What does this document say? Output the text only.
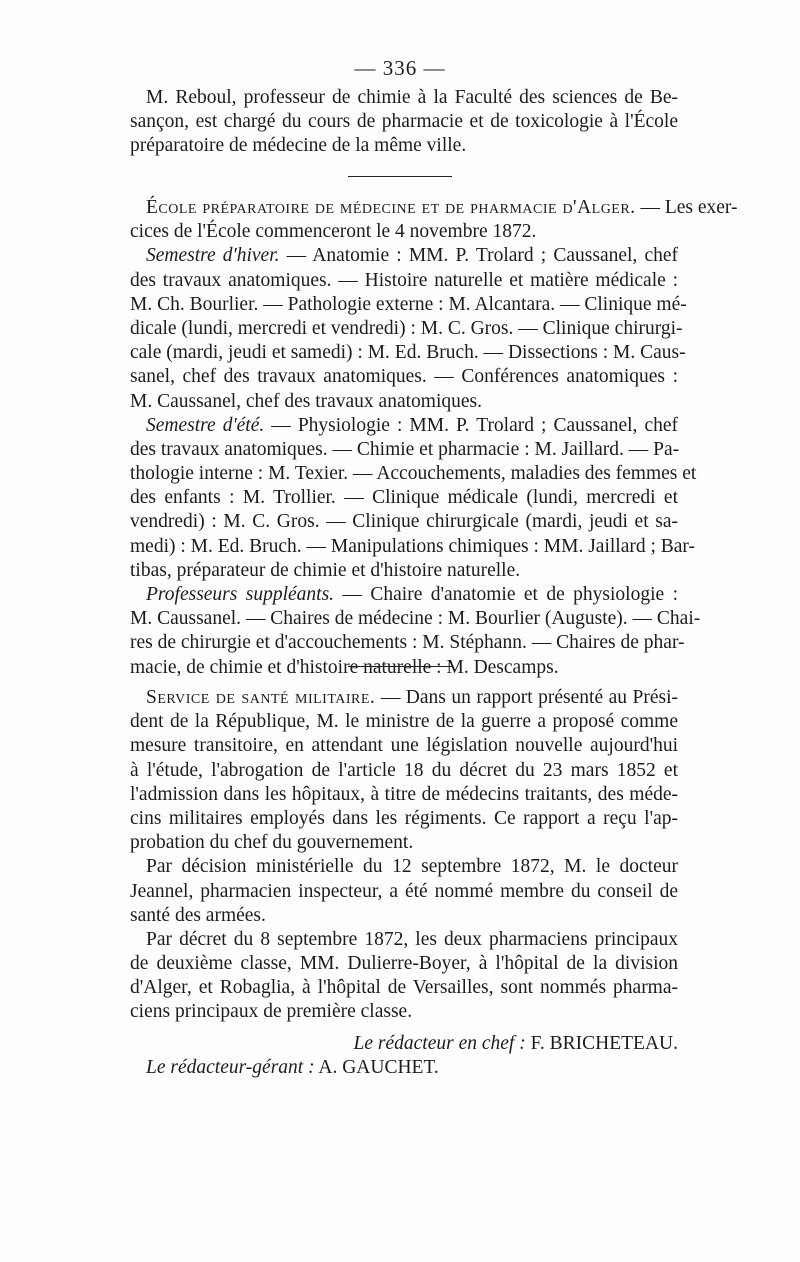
— 336 —
M. Reboul, professeur de chimie à la Faculté des sciences de Be-
sançon, est chargé du cours de pharmacie et de toxicologie à l'École
préparatoire de médecine de la même ville.
École préparatoire de médecine et de pharmacie d'Alger. — Les exer-
cices de l'École commenceront le 4 novembre 1872.
Semestre d'hiver. — Anatomie : MM. P. Trolard ; Caussanel, chef
des travaux anatomiques. — Histoire naturelle et matière médicale :
M. Ch. Bourlier. — Pathologie externe : M. Alcantara. — Clinique mé-
dicale (lundi, mercredi et vendredi) : M. C. Gros. — Clinique chirurgi-
cale (mardi, jeudi et samedi) : M. Ed. Bruch. — Dissections : M. Caus-
sanel, chef des travaux anatomiques. — Conférences anatomiques :
M. Caussanel, chef des travaux anatomiques.
Semestre d'été. — Physiologie : MM. P. Trolard ; Caussanel, chef
des travaux anatomiques. — Chimie et pharmacie : M. Jaillard. — Pa-
thologie interne : M. Texier. — Accouchements, maladies des femmes et
des enfants : M. Trollier. — Clinique médicale (lundi, mercredi et
vendredi) : M. C. Gros. — Clinique chirurgicale (mardi, jeudi et sa-
medi) : M. Ed. Bruch. — Manipulations chimiques : MM. Jaillard ; Bar-
tibas, préparateur de chimie et d'histoire naturelle.
Professeurs suppléants. — Chaire d'anatomie et de physiologie :
M. Caussanel. — Chaires de médecine : M. Bourlier (Auguste). — Chai-
res de chirurgie et d'accouchements : M. Stéphann. — Chaires de phar-
macie, de chimie et d'histoire naturelle : M. Descamps.
Service de santé militaire. — Dans un rapport présenté au Prési-
dent de la République, M. le ministre de la guerre a proposé comme
mesure transitoire, en attendant une législation nouvelle aujourd'hui
à l'étude, l'abrogation de l'article 18 du décret du 23 mars 1852 et
l'admission dans les hôpitaux, à titre de médecins traitants, des méde-
cins militaires employés dans les régiments. Ce rapport a reçu l'ap-
probation du chef du gouvernement.
Par décision ministérielle du 12 septembre 1872, M. le docteur
Jeannel, pharmacien inspecteur, a été nommé membre du conseil de
santé des armées.
Par décret du 8 septembre 1872, les deux pharmaciens principaux
de deuxième classe, MM. Dulierre-Boyer, à l'hôpital de la division
d'Alger, et Robaglia, à l'hôpital de Versailles, sont nommés pharma-
ciens principaux de première classe.
Le rédacteur en chef : F. BRICHETEAU.
Le rédacteur-gérant : A. GAUCHET.
